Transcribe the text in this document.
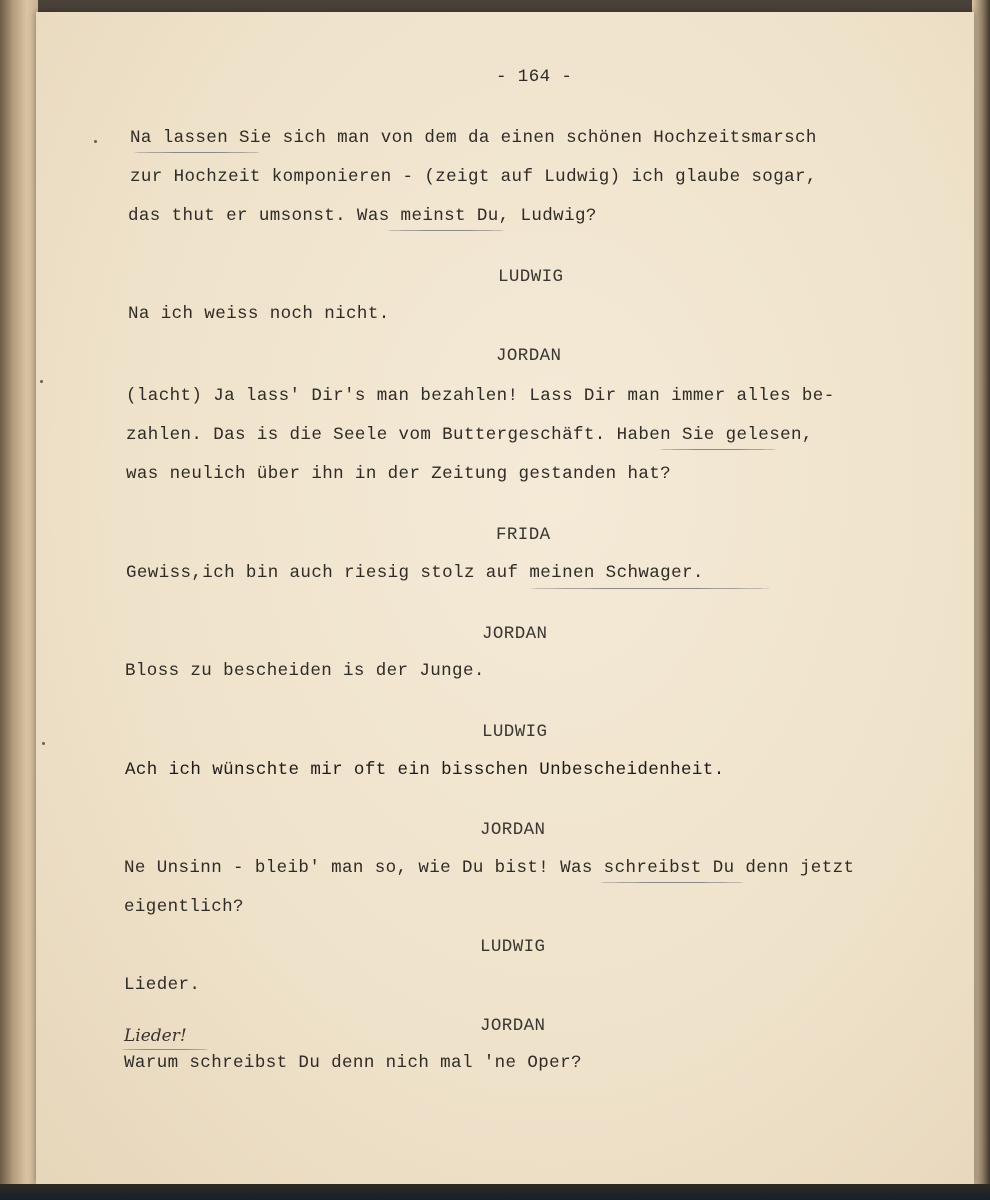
- 164 -
Na lassen Sie sich man von dem da einen schönen Hochzeitsmarsch
zur Hochzeit komponieren - (zeigt auf Ludwig) ich glaube sogar,
das thut er umsonst. Was meinst Du, Ludwig?
LUDWIG
Na ich weiss noch nicht.
JORDAN
(lacht) Ja lass' Dir's man bezahlen! Lass Dir man immer alles be-
zahlen. Das is die Seele vom Buttergeschäft. Haben Sie gelesen,
was neulich über ihn in der Zeitung gestanden hat?
FRIDA
Gewiss,ich bin auch riesig stolz auf meinen Schwager.
JORDAN
Bloss zu bescheiden is der Junge.
LUDWIG
Ach ich wünschte mir oft ein bisschen Unbescheidenheit.
JORDAN
Ne Unsinn - bleib' man so, wie Du bist! Was schreibst Du denn jetzt
eigentlich?
LUDWIG
Lieder.
JORDAN
Lieder!
Warum schreibst Du denn nich mal 'ne Oper?
